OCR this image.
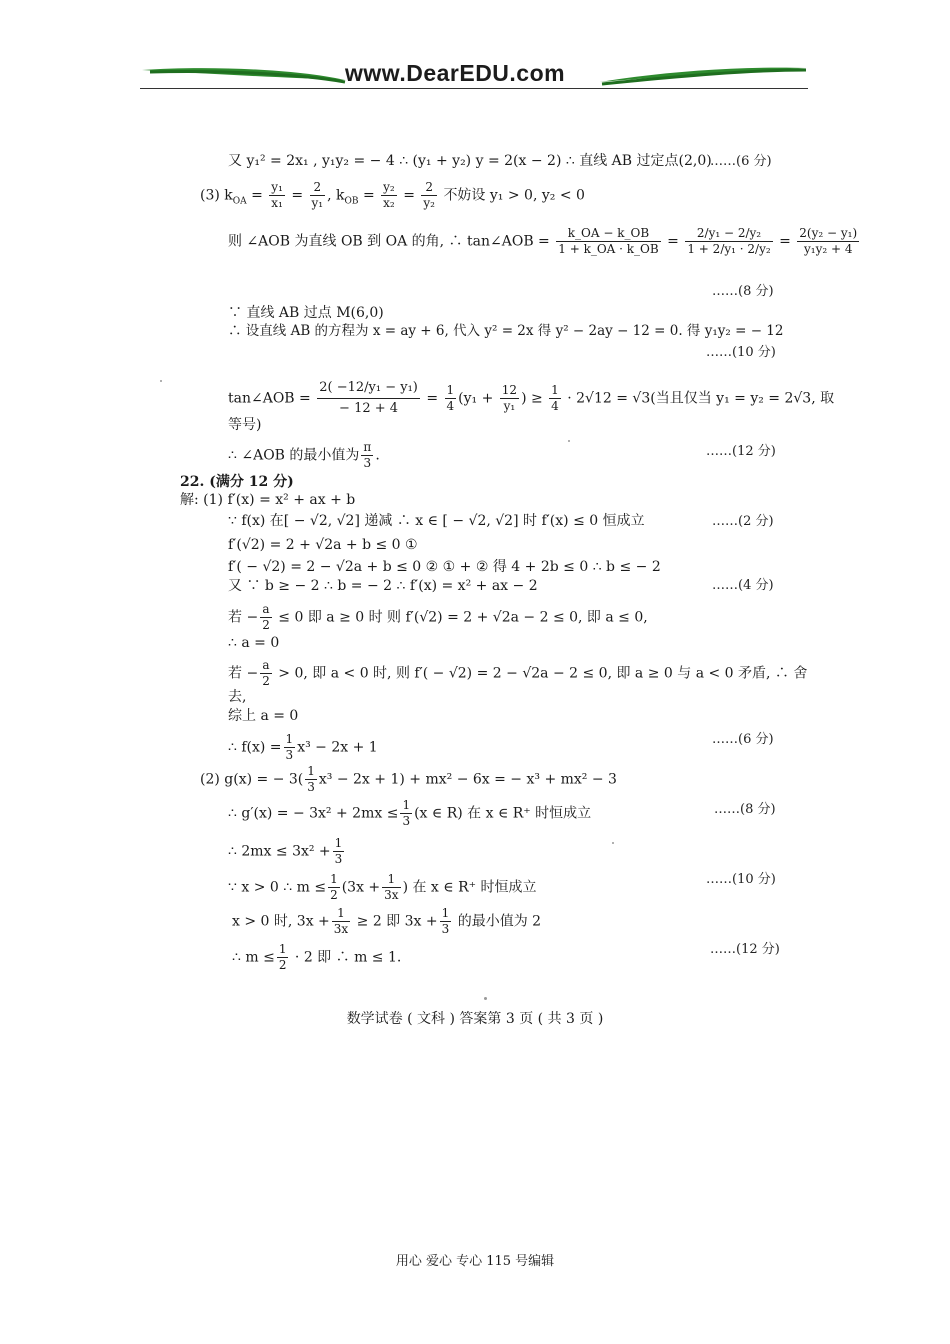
www.DearEDU.com
又 y₁² = 2x₁ , y₁y₂ = − 4 ∴ (y₁ + y₂) y = 2(x − 2) ∴ 直线 AB 过定点(2,0)
……(6 分)
(3) $k_{OA} = \frac{\text{y₁}}{\text{x₁}} = \frac{2}{\text{y₁}}$ , $k_{OB} = \frac{\text{y₂}}{\text{x₂}} = \frac{2}{\text{y₂}}$ 不妨设 y₁ > 0, y₂ < 0
则 ∠AOB 为直线 OB 到 OA 的角, ∴ tan∠AOB = $\frac{k\_OA - k\_OB}{1 + k\_OA \cdot k\_OB} = \frac{\text{2/y₁ − 2/y₂}}{\text{1 + 2/y₁ · 2/y₂}} = \frac{\text{2(y₂ − y₁)}}{\text{y₁y₂ + 4}}$
……(8 分)
∵ 直线 AB 过点 M(6,0)
∴ 设直线 AB 的方程为 x = ay + 6, 代入 y² = 2x 得 y² − 2ay − 12 = 0. 得 y₁y₂ = − 12
……(10 分)
tan∠AOB = $\frac{\text{2( −12/y₁ − y₁)}}{- 12 + 4} = \frac{1}{4} (y_1 + \frac{12}{\text{y₁}}$ ) ≥ $\frac{1}{4} \cdot 2√12 = √3$(当且仅当 y₁ = y₂ = 2√3, 取
等号)
∴ ∠AOB 的最小值为 $\frac{\pi}{3}$ .	……(12 分)
22. (满分 12 分)
解: (1) f′(x) = x² + ax + b
∵ f(x) 在[ − √2, √2] 递减 ∴ x ∈ [ − √2, √2] 时 f′(x) ≤ 0 恒成立	……(2 分)
f′(√2) = 2 + √2a + b ≤ 0 ①
f′( − √2) = 2 − √2a + b ≤ 0 ② ① + ② 得 4 + 2b ≤ 0 ∴ b ≤ − 2
又 ∵ b ≥ − 2 ∴ b = − 2 ∴ f′(x) = x² + ax − 2	……(4 分)
若 − $\frac{a}{2} \le 0$ 即 a ≥ 0 时 则 f′(√2) = 2 + √2a − 2 ≤ 0, 即 a ≤ 0,
∴ a = 0
若 − $\frac{a}{2} > 0$, 即 a < 0 时, 则 f′( − √2) = 2 − √2a − 2 ≤ 0, 即 a ≥ 0 与 a < 0 矛盾, ∴ 舍
去,
综上 a = 0
∴ $f(x) = \frac{1}{3} x^3 - 2x + 1$	……(6 分)
(2) g(x) = − $3( \frac{1}{3} x^3 - 2x + 1) + mx^2 - 6x$ = − x³ + mx² − 3
∴ g′(x) = − $3x^2 + 2mx \le \frac{1}{3} (x$ ∈ R) 在 x ∈ R⁺ 时恒成立	……(8 分)
∴ $2mx \le 3x^2 + \frac{1}{3}$
∵ x > 0 ∴ $m \le \frac{1}{2} (3x + \frac{1}{3x}$ ) 在 x ∈ R⁺ 时恒成立	……(10 分)
x > 0 时, $3x + \frac{1}{3x} \ge 2$ 即 $3x + \frac{1}{3}$ 的最小值为 2
∴ $m \le \frac{1}{2} \cdot 2$ 即 ∴ m ≤ 1.	……(12 分)
数学试卷 ( 文科 ) 答案第 3 页 ( 共 3 页 )
用心 爱心 专心 115 号编辑
